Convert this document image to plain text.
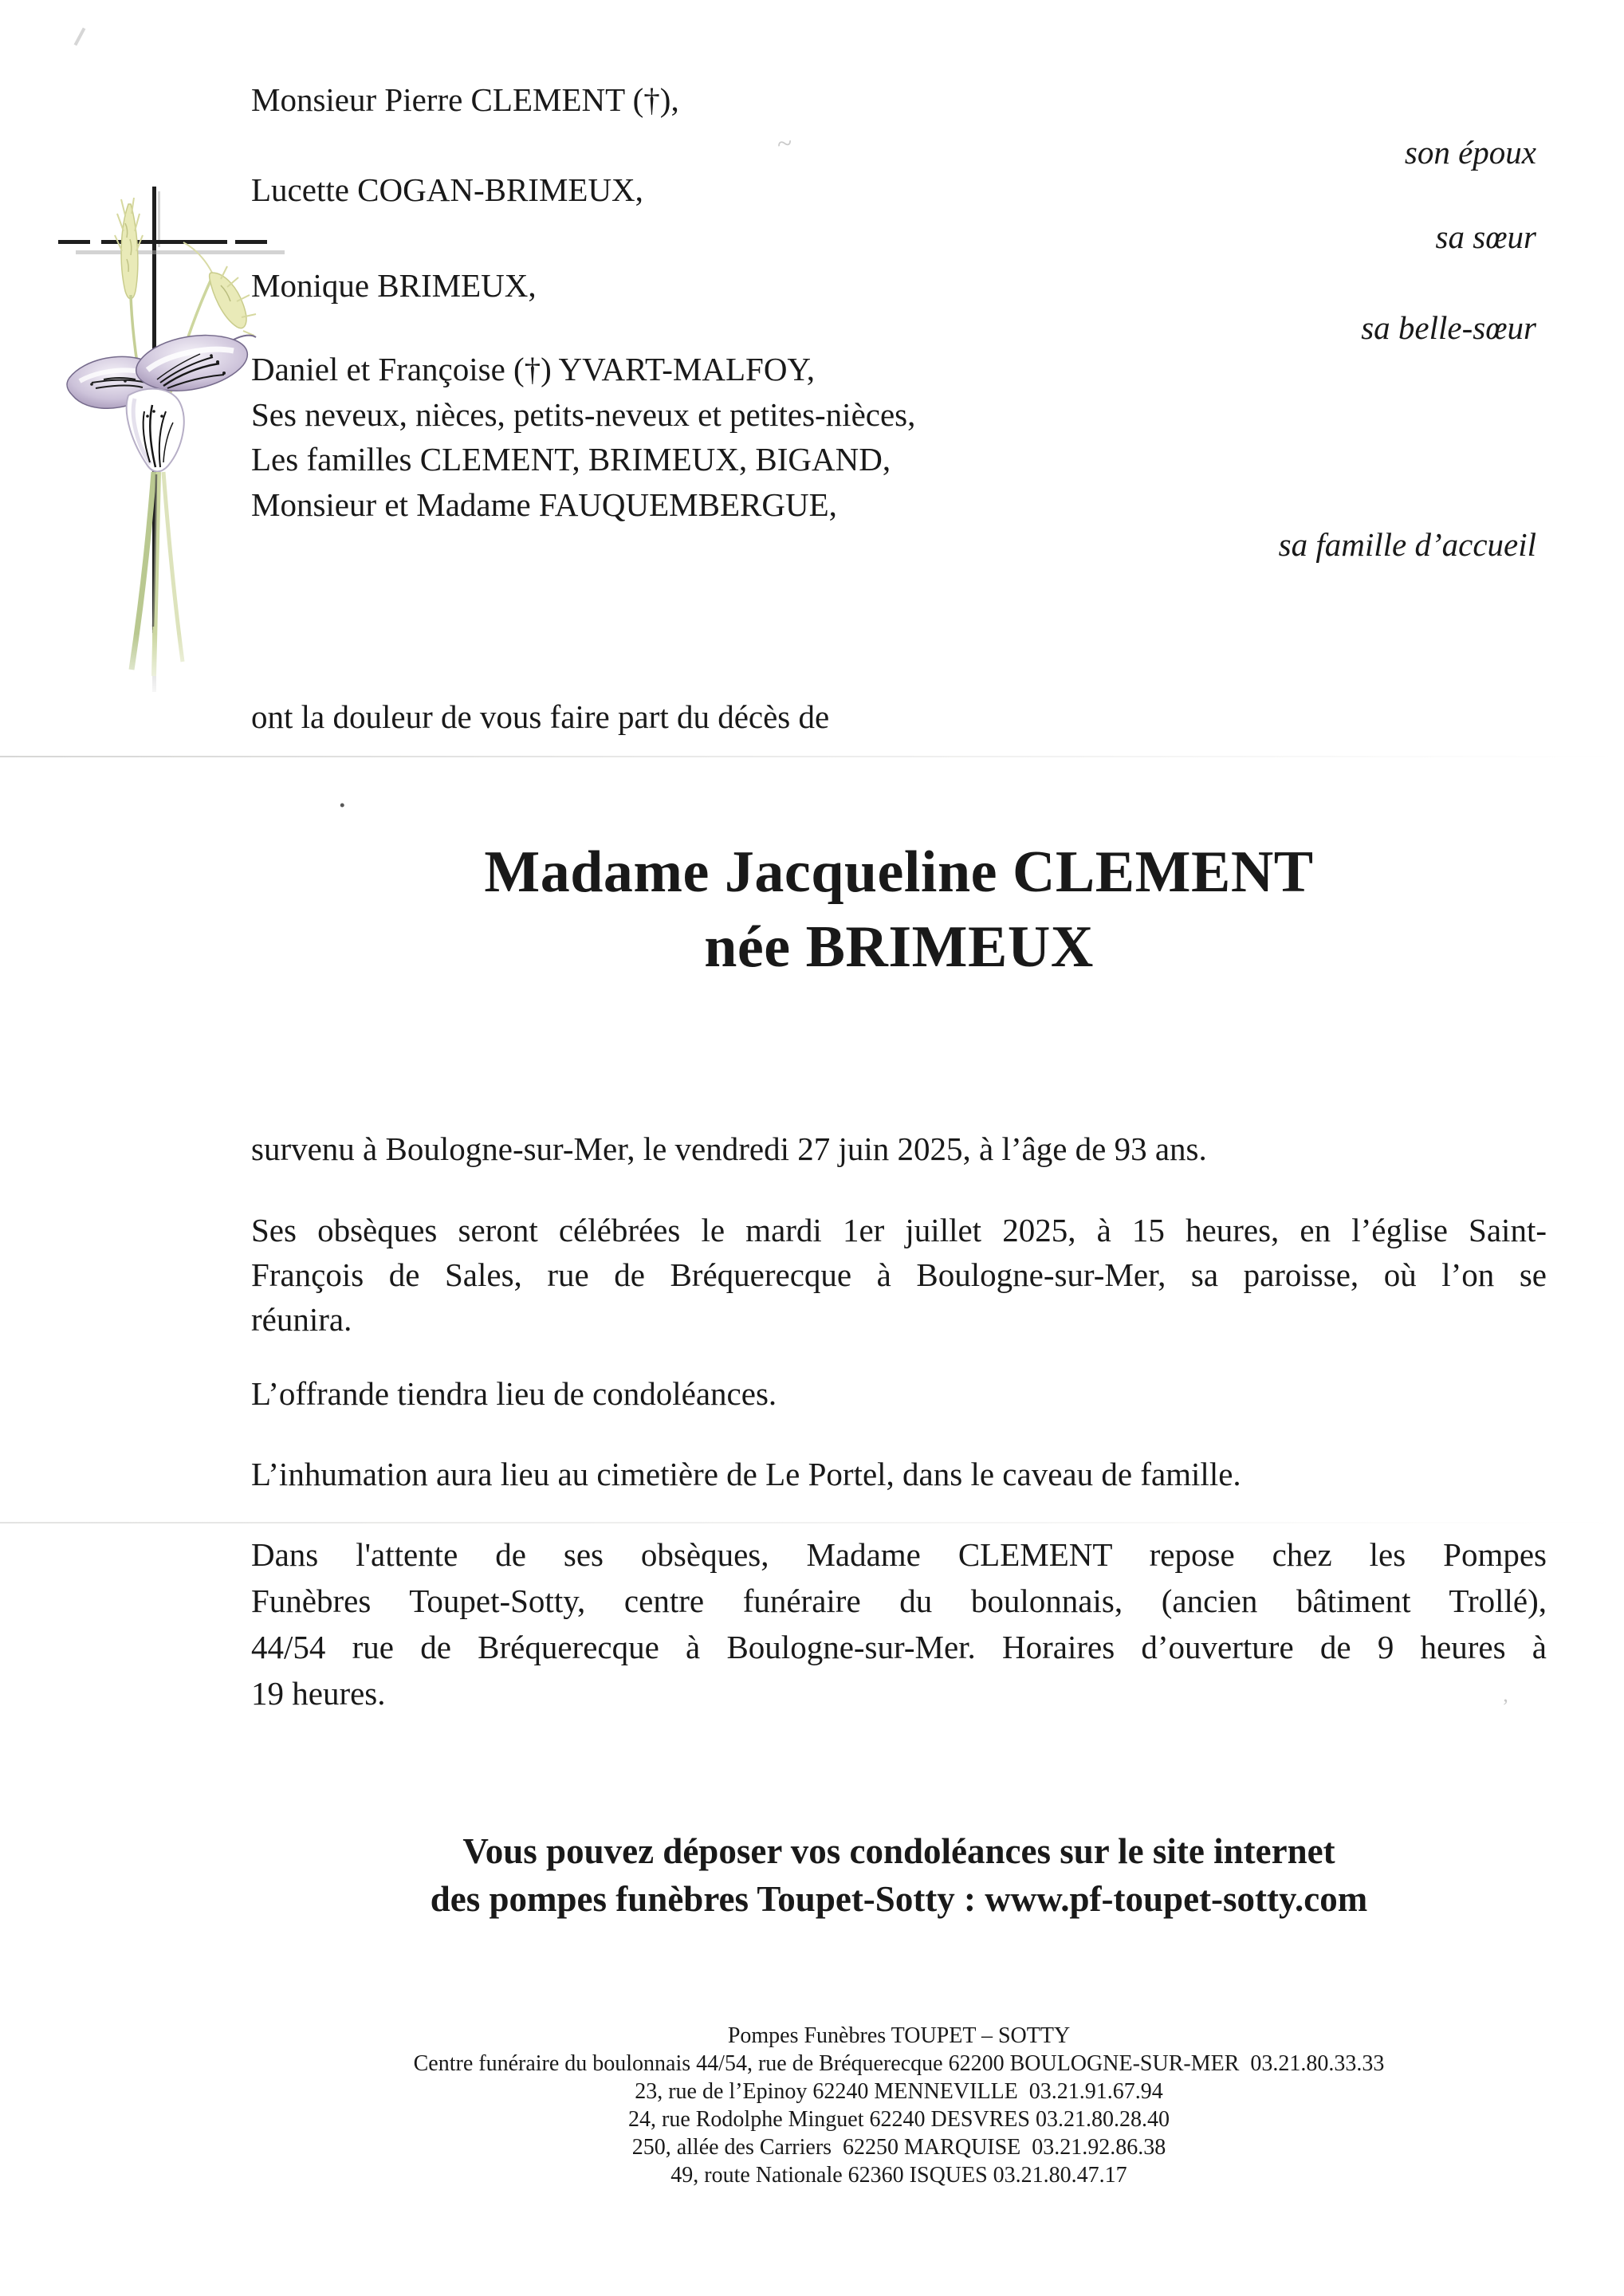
~
.
’
Monsieur Pierre CLEMENT (†),
son époux
Lucette COGAN-BRIMEUX,
sa sœur
Monique BRIMEUX,
sa belle-sœur
Daniel et Françoise (†) YVART-MALFOY,
Ses neveux, nièces, petits-neveux et petites-nièces,
Les familles CLEMENT, BRIMEUX, BIGAND,
Monsieur et Madame FAUQUEMBERGUE,
sa famille d’accueil
ont la douleur de vous faire part du décès de
Madame Jacqueline CLEMENT
née BRIMEUX
survenu à Boulogne-sur-Mer, le vendredi 27 juin 2025, à l’âge de 93 ans.
Ses obsèques seront célébrées le mardi 1er juillet 2025, à 15 heures, en l’église Saint-
François de Sales, rue de Bréquerecque à Boulogne-sur-Mer, sa paroisse, où l’on se
réunira.
L’offrande tiendra lieu de condoléances.
L’inhumation aura lieu au cimetière de Le Portel, dans le caveau de famille.
Dans l'attente de ses obsèques, Madame CLEMENT repose chez les Pompes
Funèbres Toupet-Sotty, centre funéraire du boulonnais, (ancien bâtiment Trollé),
44/54 rue de Bréquerecque à Boulogne-sur-Mer. Horaires d’ouverture de 9 heures à
19 heures.
Vous pouvez déposer vos condoléances sur le site internet
des pompes funèbres Toupet-Sotty : www.pf-toupet-sotty.com
Pompes Funèbres TOUPET – SOTTY
Centre funéraire du boulonnais 44/54, rue de Bréquerecque 62200 BOULOGNE-SUR-MER 03.21.80.33.33
23, rue de l’Epinoy 62240 MENNEVILLE 03.21.91.67.94
24, rue Rodolphe Minguet 62240 DESVRES 03.21.80.28.40
250, allée des Carriers 62250 MARQUISE 03.21.92.86.38
49, route Nationale 62360 ISQUES 03.21.80.47.17
